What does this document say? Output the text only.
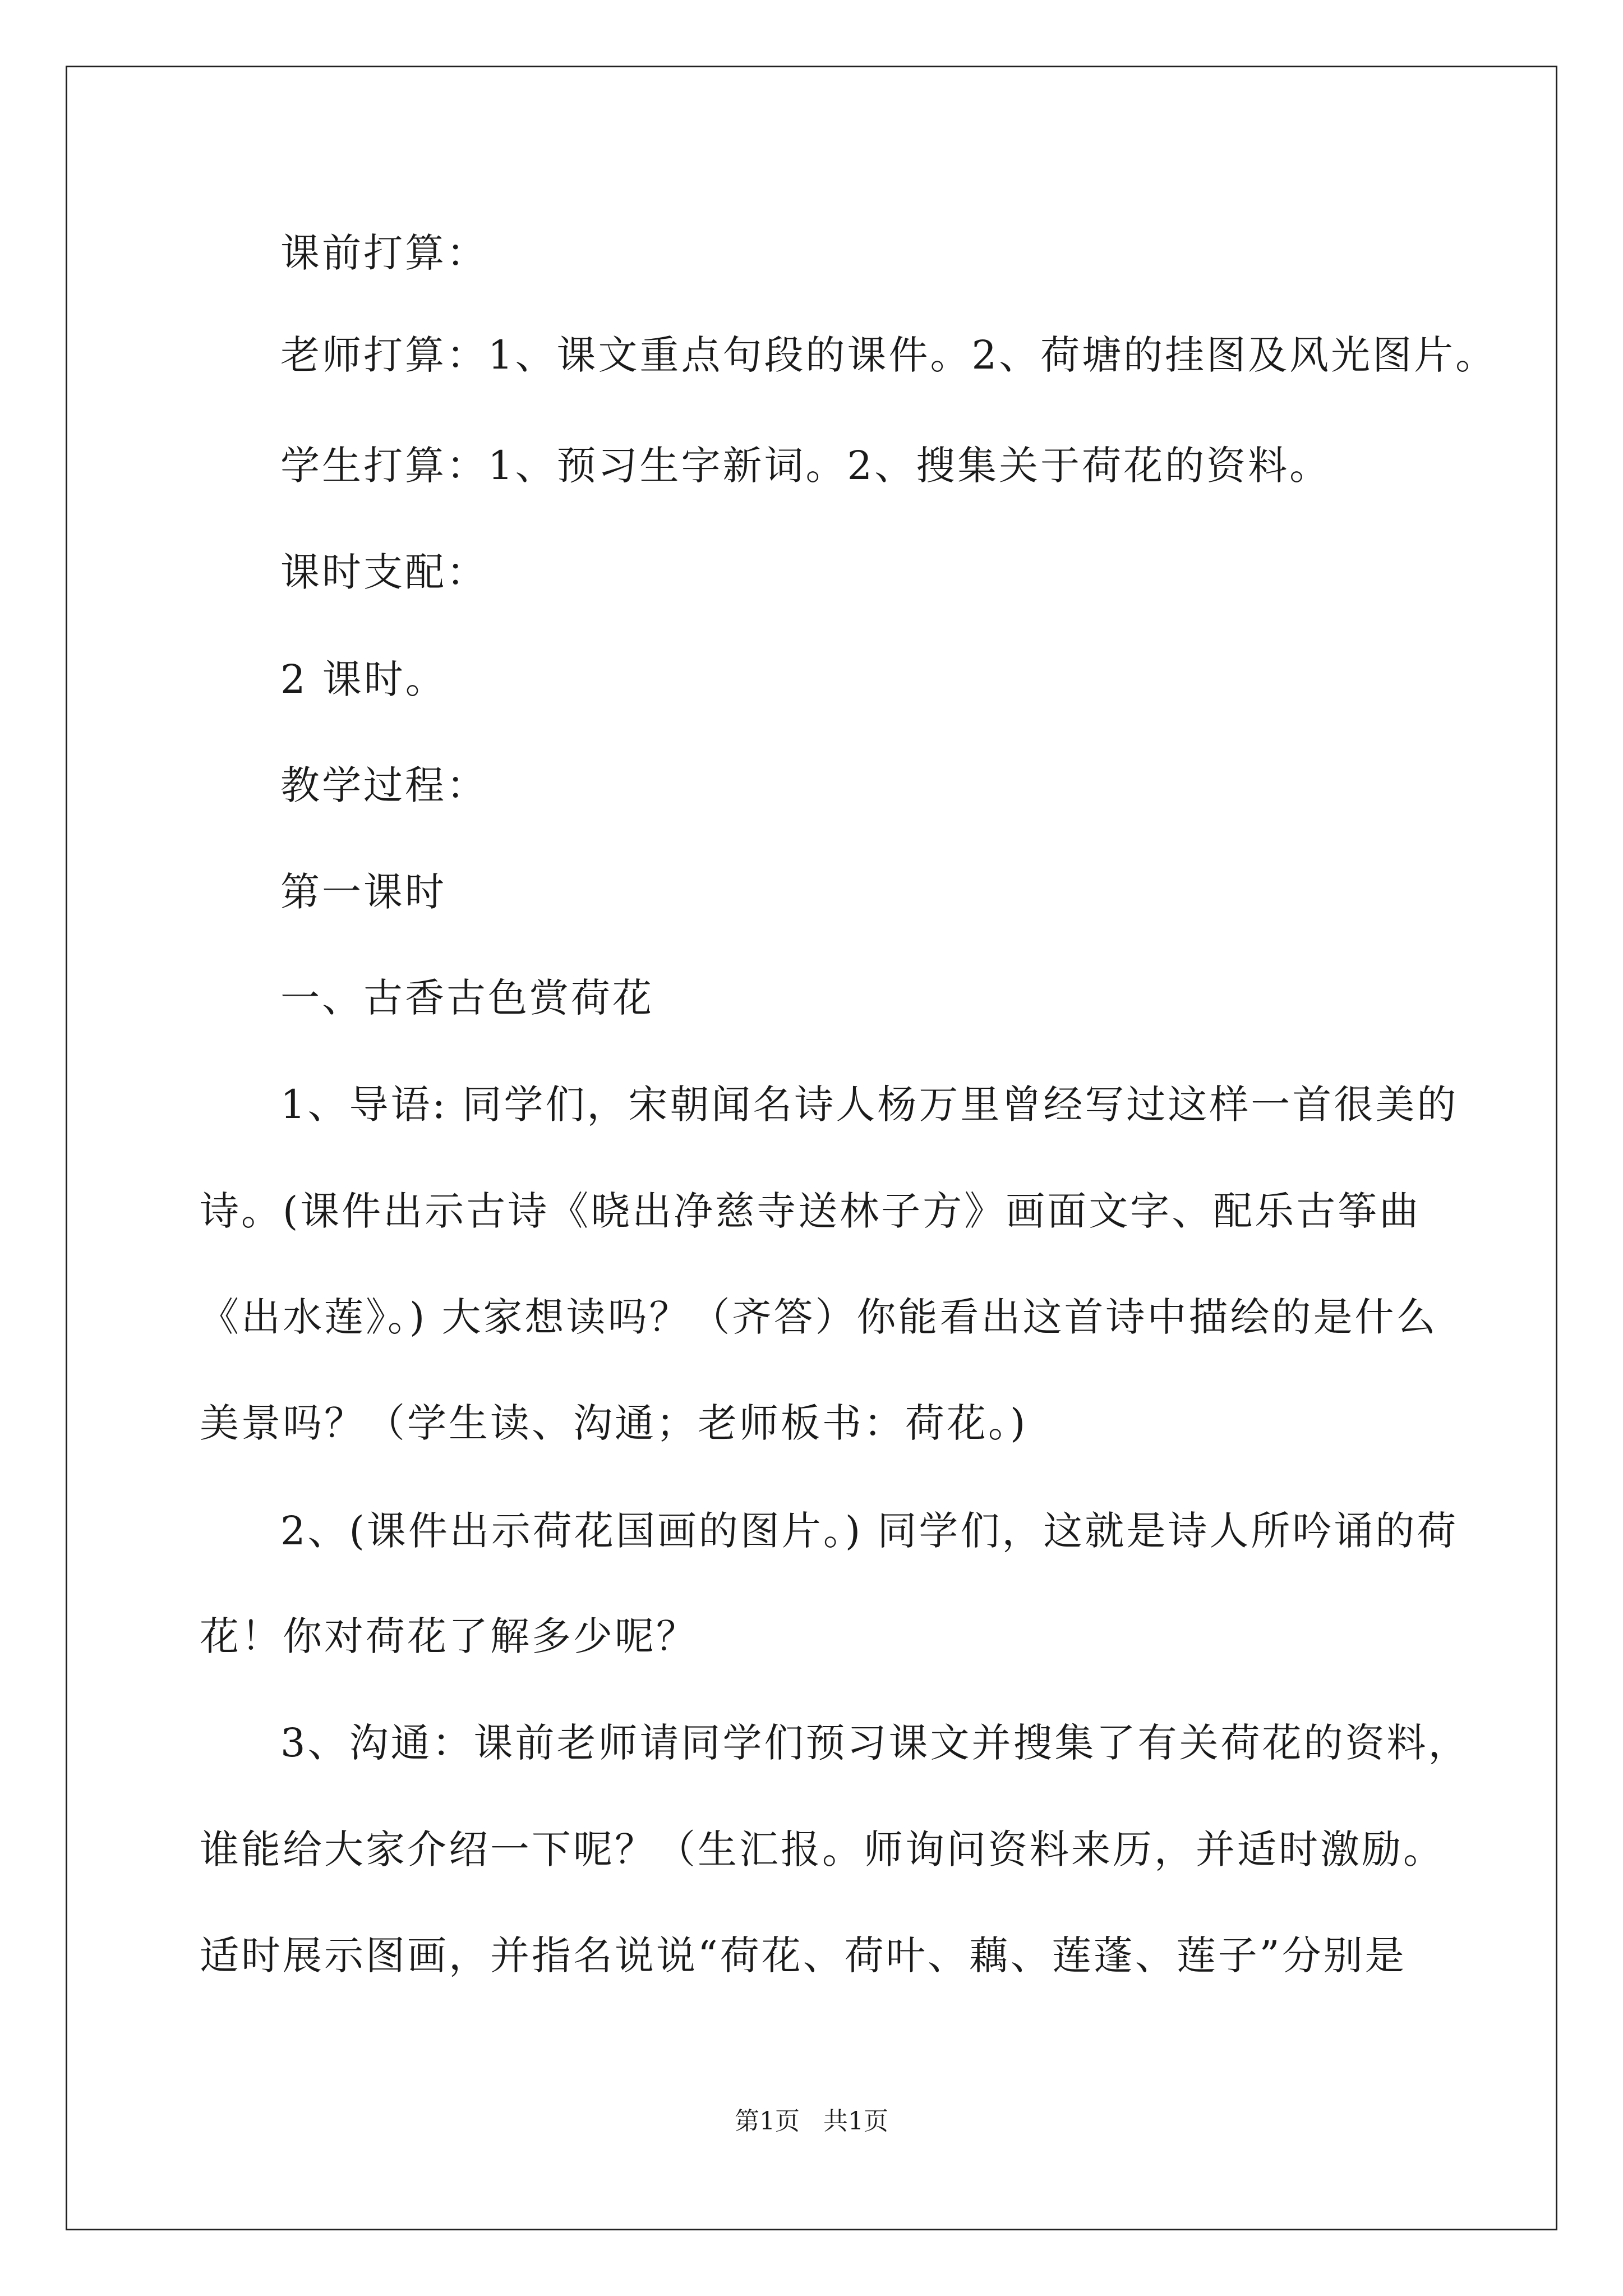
课前打算：
老师打算：1、课文重点句段的课件。2、荷塘的挂图及风光图片。
学生打算：1、预习生字新词。2、搜集关于荷花的资料。
课时支配：
2 课时。
教学过程：
第一课时
一、古香古色赏荷花
1、导语: 同学们，宋朝闻名诗人杨万里曾经写过这样一首很美的
诗。(课件出示古诗《晓出净慈寺送林子方》画面文字、配乐古筝曲
《出水莲》。) 大家想读吗？（齐答）你能看出这首诗中描绘的是什么
美景吗？（学生读、沟通；老师板书：荷花。)
2、(课件出示荷花国画的图片。) 同学们，这就是诗人所吟诵的荷
花！你对荷花了解多少呢？
3、沟通：课前老师请同学们预习课文并搜集了有关荷花的资料，
谁能给大家介绍一下呢？（生汇报。师询问资料来历，并适时激励。
适时展示图画，并指名说说“荷花、荷叶、藕、莲蓬、莲子”分别是
第1页   共1页
